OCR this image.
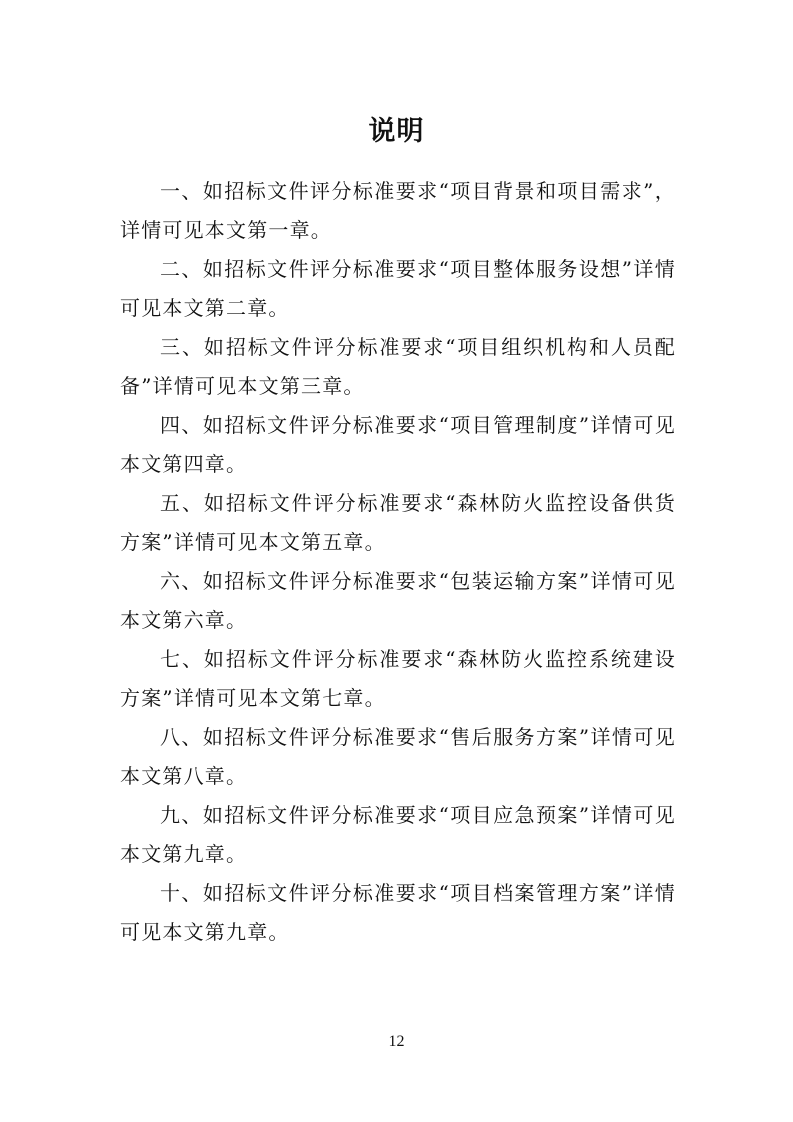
说明

一、如招标文件评分标准要求“项目背景和项目需求”，详情可见本文第一章。

二、如招标文件评分标准要求“项目整体服务设想”详情可见本文第二章。

三、如招标文件评分标准要求“项目组织机构和人员配备”详情可见本文第三章。

四、如招标文件评分标准要求“项目管理制度”详情可见本文第四章。

五、如招标文件评分标准要求“森林防火监控设备供货方案”详情可见本文第五章。

六、如招标文件评分标准要求“包装运输方案”详情可见本文第六章。

七、如招标文件评分标准要求“森林防火监控系统建设方案”详情可见本文第七章。

八、如招标文件评分标准要求“售后服务方案”详情可见本文第八章。

九、如招标文件评分标准要求“项目应急预案”详情可见本文第九章。

十、如招标文件评分标准要求“项目档案管理方案”详情可见本文第九章。

12
